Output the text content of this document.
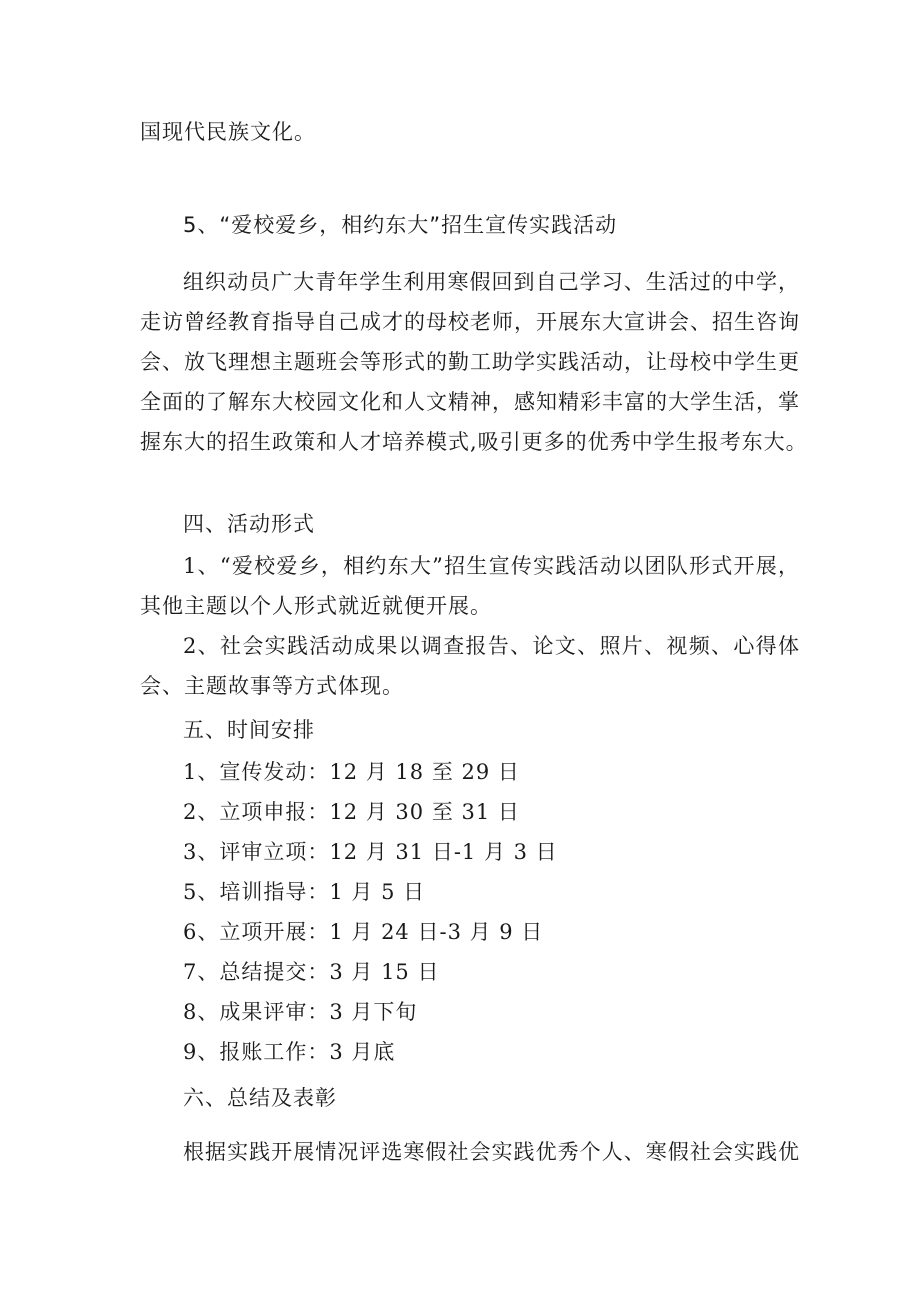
国现代民族文化。
5、“爱校爱乡，相约东大”招生宣传实践活动
组织动员广大青年学生利用寒假回到自己学习、生活过的中学，
走访曾经教育指导自己成才的母校老师，开展东大宣讲会、招生咨询
会、放飞理想主题班会等形式的勤工助学实践活动，让母校中学生更
全面的了解东大校园文化和人文精神，感知精彩丰富的大学生活，掌
握东大的招生政策和人才培养模式,吸引更多的优秀中学生报考东大。
四、活动形式
1、“爱校爱乡，相约东大”招生宣传实践活动以团队形式开展，
其他主题以个人形式就近就便开展。
2、社会实践活动成果以调查报告、论文、照片、视频、心得体
会、主题故事等方式体现。
五、时间安排
1、宣传发动：12 月 18 至 29 日
2、立项申报：12 月 30 至 31 日
3、评审立项：12 月 31 日-1 月 3 日
5、培训指导：1 月 5 日
6、立项开展：1 月 24 日-3 月 9 日
7、总结提交：3 月 15 日
8、成果评审：3 月下旬
9、报账工作：3 月底
六、总结及表彰
根据实践开展情况评选寒假社会实践优秀个人、寒假社会实践优
